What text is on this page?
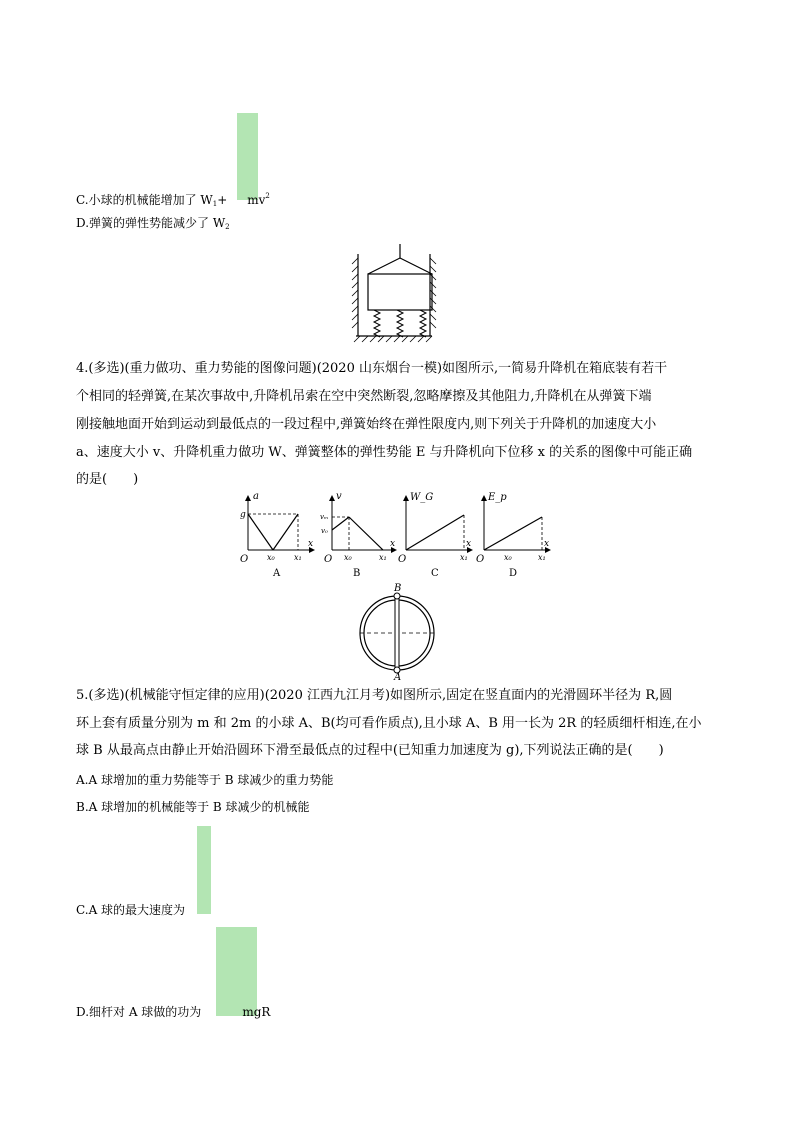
C.小球的机械能增加了 $W_1+ mv^2$
D.弹簧的弹性势能减少了 $W_2$
4.(多选)(重力做功、重力势能的图像问题)(2020 山东烟台一模)如图所示,一简易升降机在箱底装有若干
个相同的轻弹簧,在某次事故中,升降机吊索在空中突然断裂,忽略摩擦及其他阻力,升降机在从弹簧下端
刚接触地面开始到运动到最低点的一段过程中,弹簧始终在弹性限度内,则下列关于升降机的加速度大小
a、速度大小 v、升降机重力做功 W、弹簧整体的弹性势能 E 与升降机向下位移 x 的关系的图像中可能正确
的是(　　)
a
g
O x₀ x₁
x
A
v
vₘ
v₀
O x₀	x₁
x
B
W_G
O	x₁
x
C
E_p
O x₀	x₁
x
D
B
A
5.(多选)(机械能守恒定律的应用)(2020 江西九江月考)如图所示,固定在竖直面内的光滑圆环半径为 R,圆
环上套有质量分别为 m 和 2m 的小球 A、B(均可看作质点),且小球 A、B 用一长为 2R 的轻质细杆相连,在小
球 B 从最高点由静止开始沿圆环下滑至最低点的过程中(已知重力加速度为 g),下列说法正确的是(　　)
A.A 球增加的重力势能等于 B 球减少的重力势能
B.A 球增加的机械能等于 B 球减少的机械能
C.A 球的最大速度为
D.细杆对 A 球做的功为	mgR
